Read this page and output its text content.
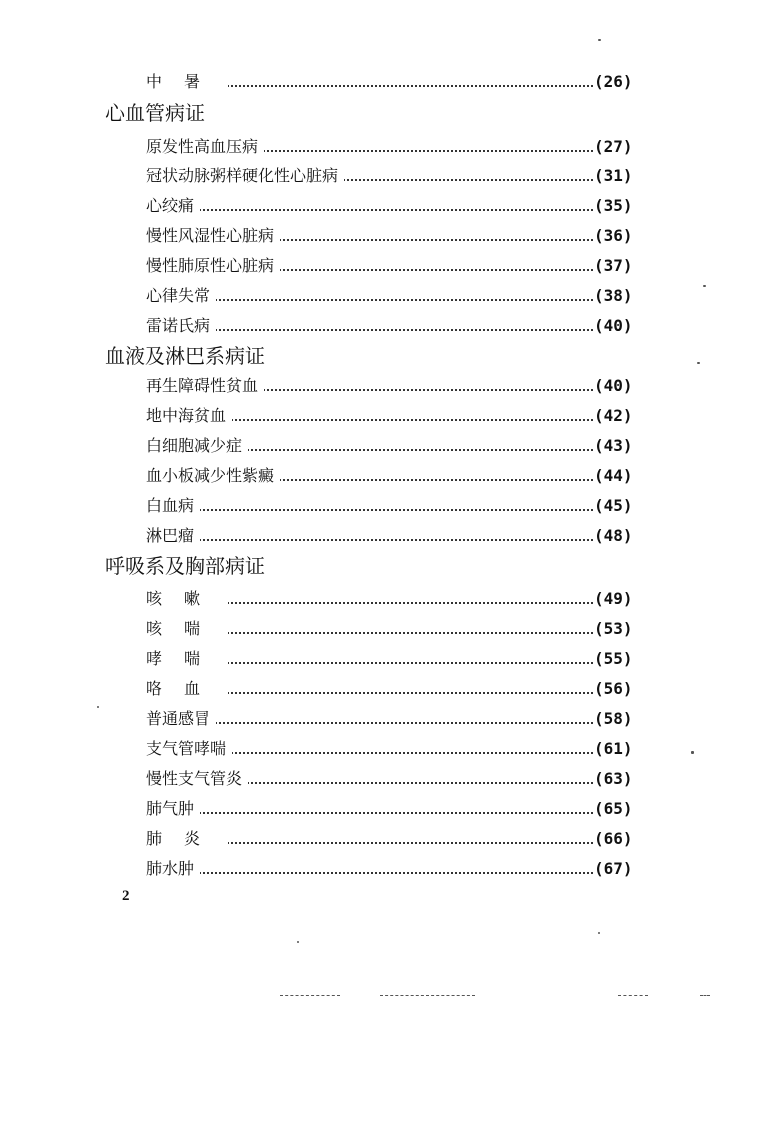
中暑	(26)
心血管病证
原发性高血压病	(27)
冠状动脉粥样硬化性心脏病	(31)
心绞痛	(35)
慢性风湿性心脏病	(36)
慢性肺原性心脏病	(37)
心律失常	(38)
雷诺氏病	(40)
血液及淋巴系病证
再生障碍性贫血	(40)
地中海贫血	(42)
白细胞减少症	(43)
血小板减少性紫癜	(44)
白血病	(45)
淋巴瘤	(48)
呼吸系及胸部病证
咳嗽	(49)
咳喘	(53)
哮喘	(55)
咯血	(56)
普通感冒	(58)
支气管哮喘	(61)
慢性支气管炎	(63)
肺气肿	(65)
肺炎	(66)
肺水肿	(67)
2
